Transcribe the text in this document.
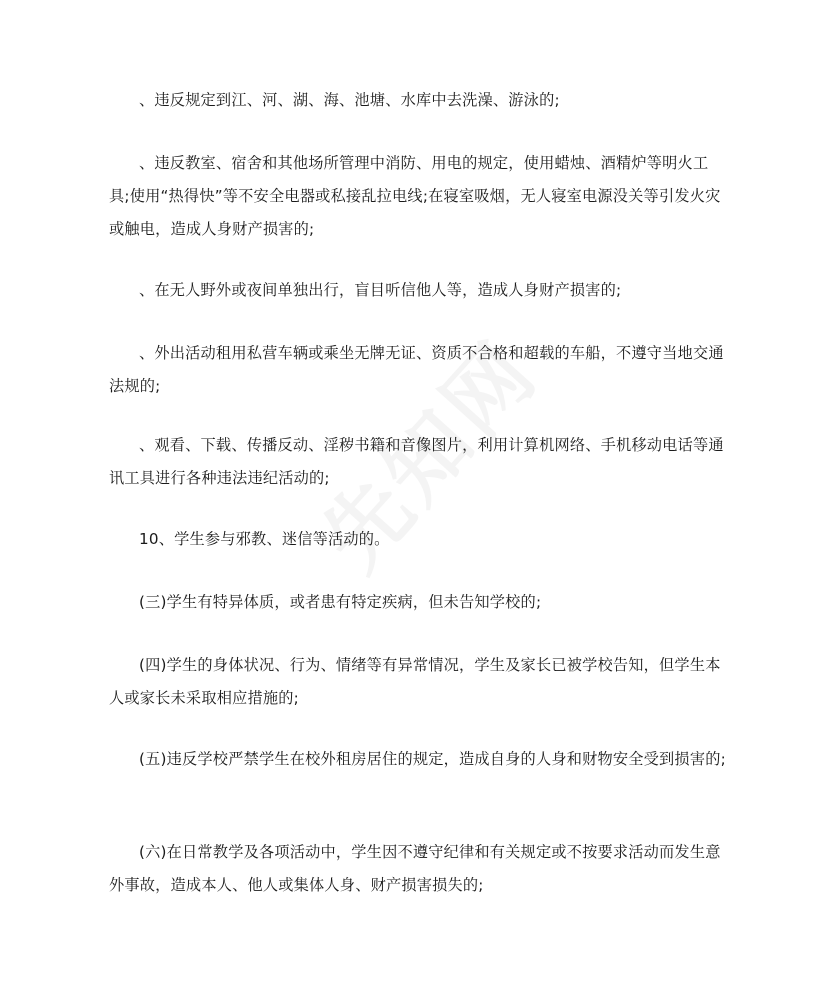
、违反规定到江、河、湖、海、池塘、水库中去洗澡、游泳的;

、违反教室、宿舍和其他场所管理中消防、用电的规定，使用蜡烛、酒精炉等明火工具;使用“热得快”等不安全电器或私接乱拉电线;在寝室吸烟，无人寝室电源没关等引发火灾或触电，造成人身财产损害的;

、在无人野外或夜间单独出行，盲目听信他人等，造成人身财产损害的;

、外出活动租用私营车辆或乘坐无牌无证、资质不合格和超载的车船，不遵守当地交通法规的;

、观看、下载、传播反动、淫秽书籍和音像图片，利用计算机网络、手机移动电话等通讯工具进行各种违法违纪活动的;

10、学生参与邪教、迷信等活动的。

(三)学生有特异体质，或者患有特定疾病，但未告知学校的;

(四)学生的身体状况、行为、情绪等有异常情况，学生及家长已被学校告知，但学生本人或家长未采取相应措施的;

(五)违反学校严禁学生在校外租房居住的规定，造成自身的人身和财物安全受到损害的;

(六)在日常教学及各项活动中，学生因不遵守纪律和有关规定或不按要求活动而发生意外事故，造成本人、他人或集体人身、财产损害损失的;
